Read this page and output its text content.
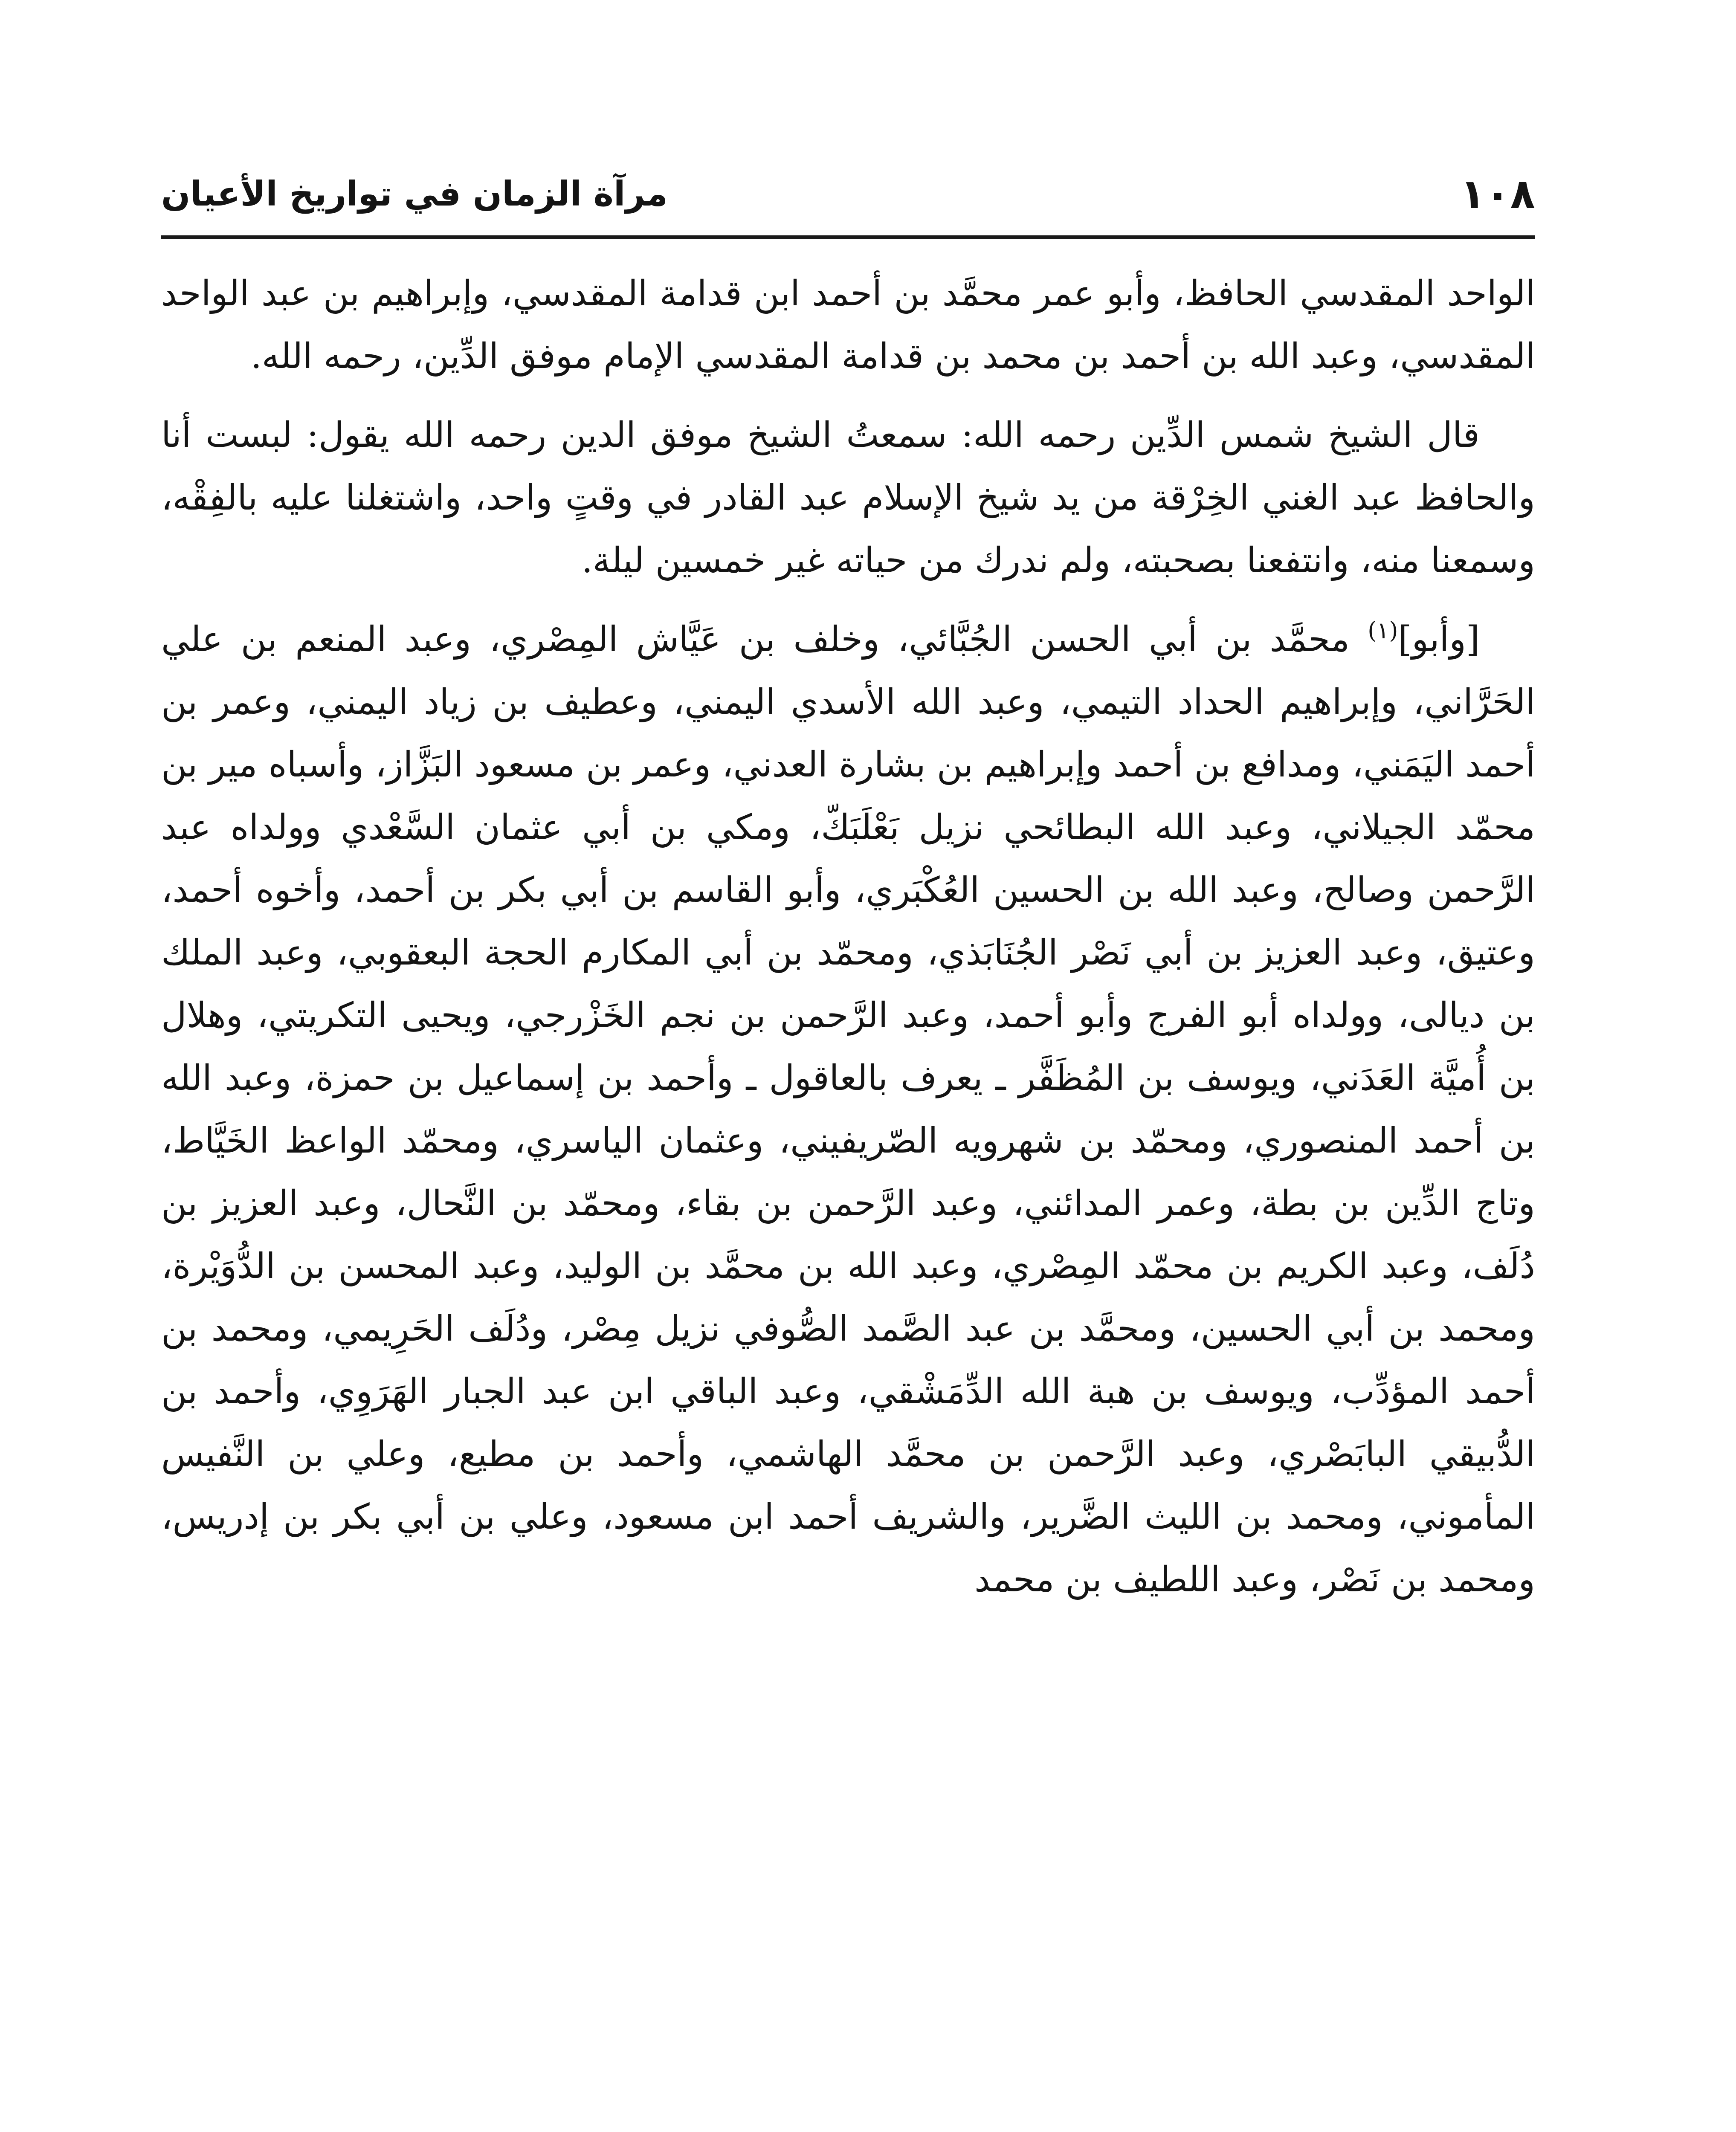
١٠٨
مرآة الزمان في تواريخ الأعيان

الواحد المقدسي الحافظ، وأبو عمر محمَّد بن أحمد ابن قدامة المقدسي، وإبراهيم بن عبد الواحد المقدسي، وعبد الله بن أحمد بن محمد بن قدامة المقدسي الإمام موفق الدِّين، رحمه الله.

قال الشيخ شمس الدِّين رحمه الله: سمعتُ الشيخ موفق الدين رحمه الله يقول: لبست أنا والحافظ عبد الغني الخِرْقة من يد شيخ الإسلام عبد القادر في وقتٍ واحد، واشتغلنا عليه بالفِقْه، وسمعنا منه، وانتفعنا بصحبته، ولم ندرك من حياته غير خمسين ليلة.

[وأبو]$^{(١)}$ محمَّد بن أبي الحسن الجُبَّائي، وخلف بن عَيَّاش المِصْري، وعبد المنعم بن علي الحَرَّاني، وإبراهيم الحداد التيمي، وعبد الله الأسدي اليمني، وعطيف بن زياد اليمني، وعمر بن أحمد اليَمَني، ومدافع بن أحمد وإبراهيم بن بشارة العدني، وعمر بن مسعود البَزَّاز، وأسباه مير بن محمّد الجيلاني، وعبد الله البطائحي نزيل بَعْلَبَكّ، ومكي بن أبي عثمان السَّعْدي وولداه عبد الرَّحمن وصالح، وعبد الله بن الحسين العُكْبَري، وأبو القاسم بن أبي بكر بن أحمد، وأخوه أحمد، وعتيق، وعبد العزيز بن أبي نَصْر الجُنَابَذي، ومحمّد بن أبي المكارم الحجة البعقوبي، وعبد الملك بن ديالى، وولداه أبو الفرج وأبو أحمد، وعبد الرَّحمن بن نجم الخَزْرجي، ويحيى التكريتي، وهلال بن أُميَّة العَدَني، ويوسف بن المُظَفَّر ـ يعرف بالعاقول ـ وأحمد بن إسماعيل بن حمزة، وعبد الله بن أحمد المنصوري، ومحمّد بن شهرويه الصّريفيني، وعثمان الياسري، ومحمّد الواعظ الخَيَّاط، وتاج الدِّين بن بطة، وعمر المدائني، وعبد الرَّحمن بن بقاء، ومحمّد بن النَّحال، وعبد العزيز بن دُلَف، وعبد الكريم بن محمّد المِصْري، وعبد الله بن محمَّد بن الوليد، وعبد المحسن بن الدُّوَيْرة، ومحمد بن أبي الحسين، ومحمَّد بن عبد الصَّمد الصُّوفي نزيل مِصْر، ودُلَف الحَرِيمي، ومحمد بن أحمد المؤدِّب، ويوسف بن هبة الله الدِّمَشْقي، وعبد الباقي ابن عبد الجبار الهَرَوِي، وأحمد بن الدُّبيقي البابَصْري، وعبد الرَّحمن بن محمَّد الهاشمي، وأحمد بن مطيع، وعلي بن النَّفيس المأموني، ومحمد بن الليث الضَّرير، والشريف أحمد ابن مسعود، وعلي بن أبي بكر بن إدريس، ومحمد بن نَصْر، وعبد اللطيف بن محمد
